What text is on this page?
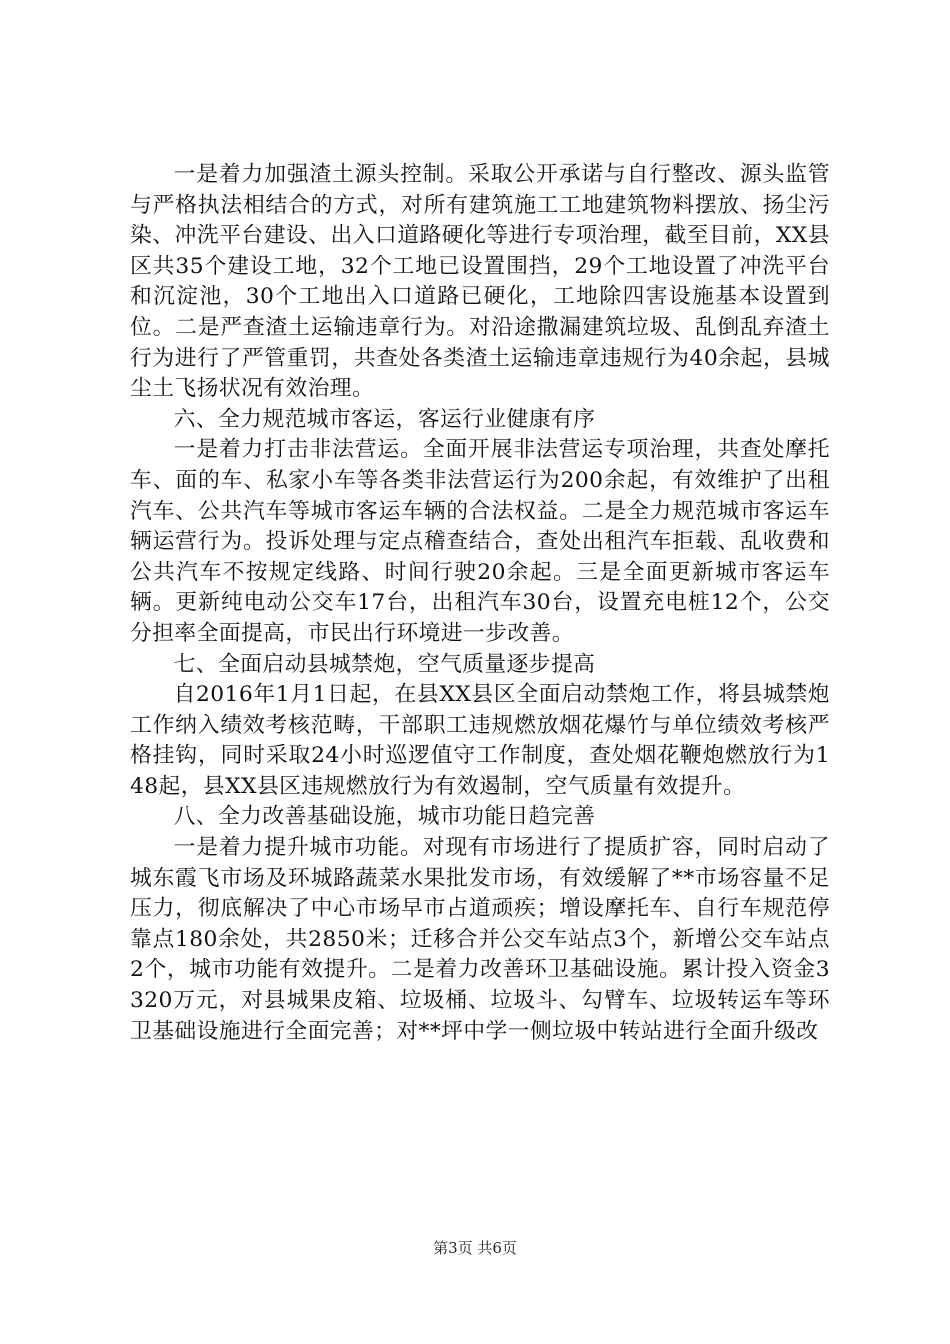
一是着力加强渣土源头控制。采取公开承诺与自行整改、源头监管与严格执法相结合的方式，对所有建筑施工工地建筑物料摆放、扬尘污染、冲洗平台建设、出入口道路硬化等进行专项治理，截至目前，XX县区共35个建设工地，32个工地已设置围挡，29个工地设置了冲洗平台和沉淀池，30个工地出入口道路已硬化，工地除四害设施基本设置到位。二是严查渣土运输违章行为。对沿途撒漏建筑垃圾、乱倒乱弃渣土行为进行了严管重罚，共查处各类渣土运输违章违规行为40余起，县城尘土飞扬状况有效治理。

六、全力规范城市客运，客运行业健康有序

一是着力打击非法营运。全面开展非法营运专项治理，共查处摩托车、面的车、私家小车等各类非法营运行为200余起，有效维护了出租汽车、公共汽车等城市客运车辆的合法权益。二是全力规范城市客运车辆运营行为。投诉处理与定点稽查结合，查处出租汽车拒载、乱收费和公共汽车不按规定线路、时间行驶20余起。三是全面更新城市客运车辆。更新纯电动公交车17台，出租汽车30台，设置充电桩12个，公交分担率全面提高，市民出行环境进一步改善。

七、全面启动县城禁炮，空气质量逐步提高

自2016年1月1日起，在县XX县区全面启动禁炮工作，将县城禁炮工作纳入绩效考核范畴，干部职工违规燃放烟花爆竹与单位绩效考核严格挂钩，同时采取24小时巡逻值守工作制度，查处烟花鞭炮燃放行为148起，县XX县区违规燃放行为有效遏制，空气质量有效提升。

八、全力改善基础设施，城市功能日趋完善

一是着力提升城市功能。对现有市场进行了提质扩容，同时启动了城东霞飞市场及环城路蔬菜水果批发市场，有效缓解了**市场容量不足压力，彻底解决了中心市场早市占道顽疾；增设摩托车、自行车规范停靠点180余处，共2850米；迁移合并公交车站点3个，新增公交车站点2个，城市功能有效提升。二是着力改善环卫基础设施。累计投入资金3320万元，对县城果皮箱、垃圾桶、垃圾斗、勾臂车、垃圾转运车等环卫基础设施进行全面完善；对**坪中学一侧垃圾中转站进行全面升级改

第3页 共6页
